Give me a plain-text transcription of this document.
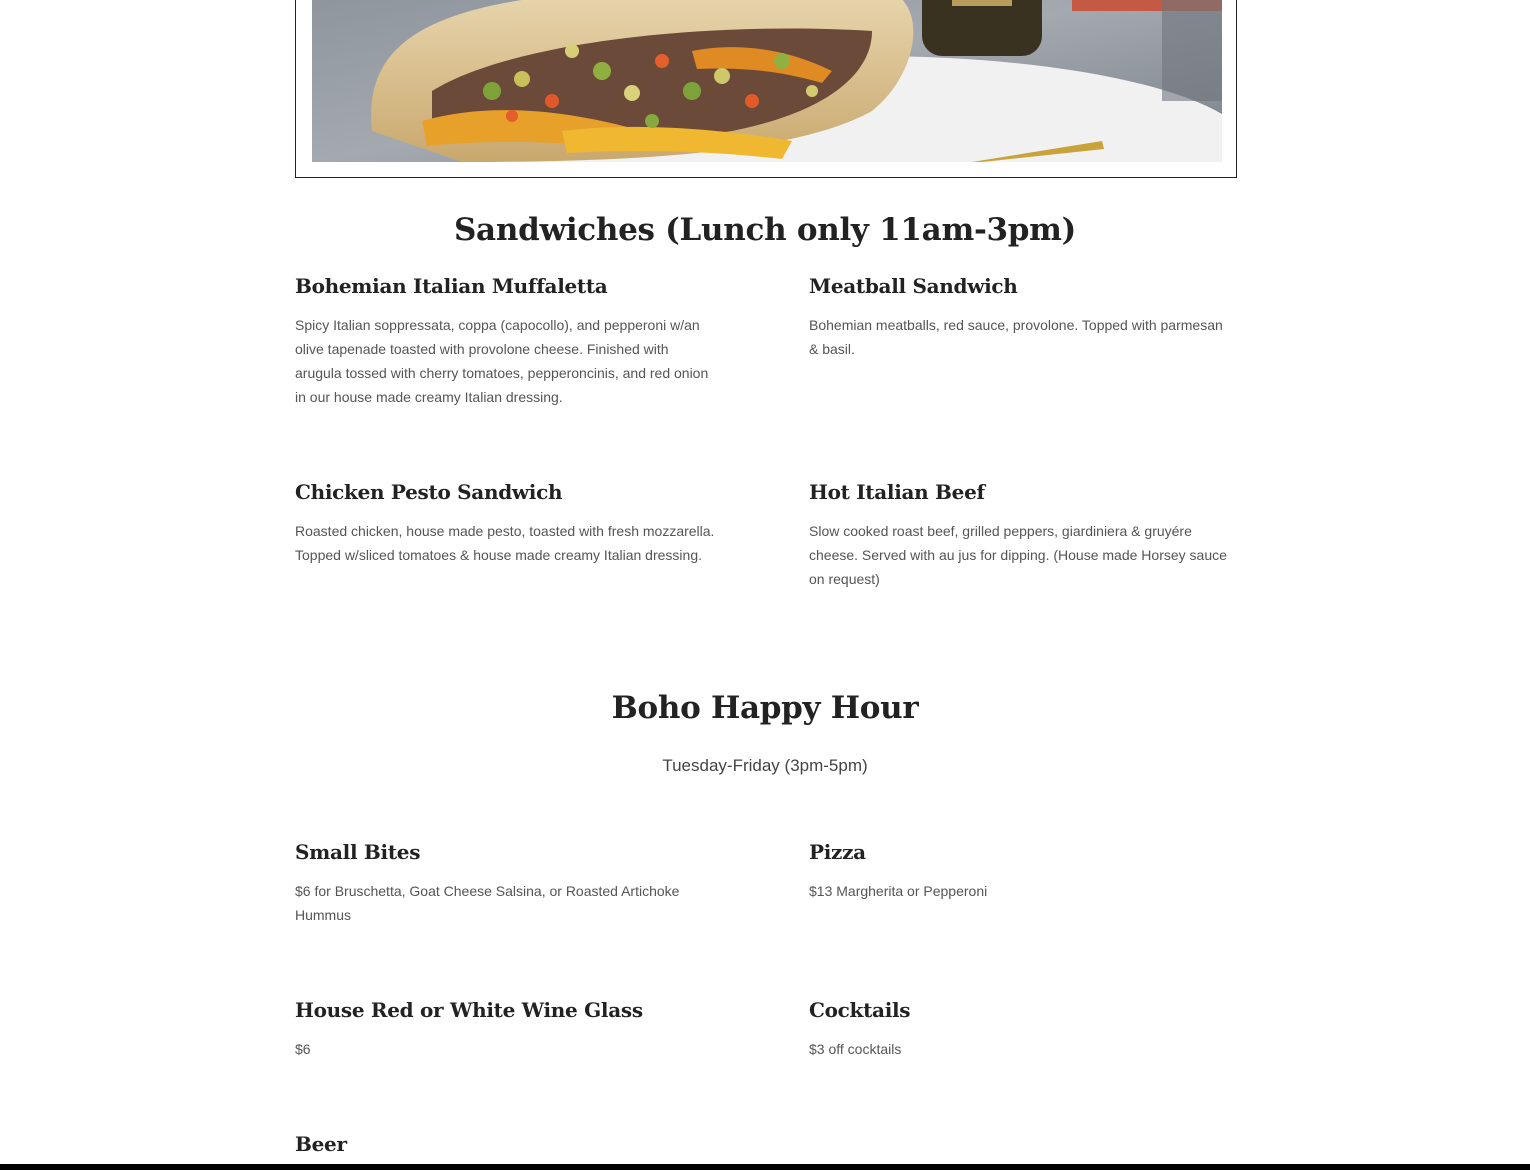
Sandwiches (Lunch only 11am-3pm)
Bohemian Italian Muffaletta

Spicy Italian soppressata, coppa (capocollo), and pepperoni w/an olive tapenade toasted with provolone cheese. Finished with arugula tossed with cherry tomatoes, pepperoncinis, and red onion in our house made creamy Italian dressing.

Meatball Sandwich

Bohemian meatballs, red sauce, provolone. Topped with parmesan & basil.

Chicken Pesto Sandwich

Roasted chicken, house made pesto, toasted with fresh mozzarella. Topped w/sliced tomatoes & house made creamy Italian dressing.

Hot Italian Beef

Slow cooked roast beef, grilled peppers, giardiniera & gruyére cheese. Served with au jus for dipping. (House made Horsey sauce on request)

Boho Happy Hour
Tuesday-Friday (3pm-5pm)
Small Bites

$6 for Bruschetta, Goat Cheese Salsina, or Roasted Artichoke Hummus

Pizza

$13 Margherita or Pepperoni

House Red or White Wine Glass

$6

Cocktails

$3 off cocktails

Beer
